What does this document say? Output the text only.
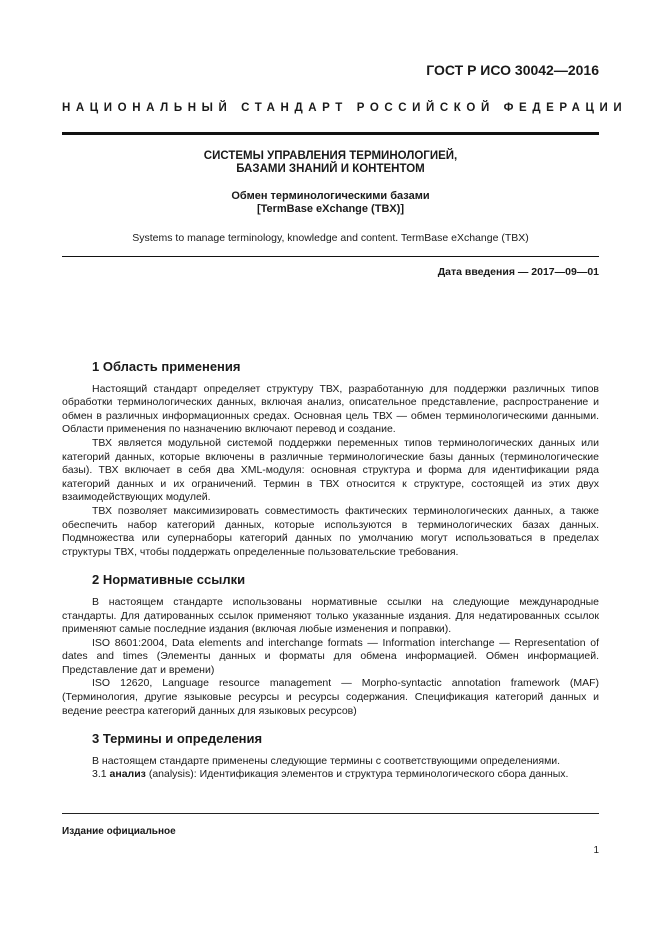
ГОСТ Р ИСО 30042—2016
НАЦИОНАЛЬНЫЙ СТАНДАРТ РОССИЙСКОЙ ФЕДЕРАЦИИ
СИСТЕМЫ УПРАВЛЕНИЯ ТЕРМИНОЛОГИЕЙ,
БАЗАМИ ЗНАНИЙ И КОНТЕНТОМ
Обмен терминологическими базами
[TermBase eXchange (TBX)]
Systems to manage terminology, knowledge and content. TermBase eXchange (TBX)
Дата введения — 2017—09—01
1 Область применения

Настоящий стандарт определяет структуру ТВХ, разработанную для поддержки различных типов обработки терминологических данных, включая анализ, описательное представление, распространение и обмен в различных информационных средах. Основная цель ТВХ — обмен терминологическими данными. Области применения по назначению включают перевод и создание.

ТВХ является модульной системой поддержки переменных типов терминологических данных или категорий данных, которые включены в различные терминологические базы данных (терминологические базы). ТВХ включает в себя два XML-модуля: основная структура и форма для идентификации ряда категорий данных и их ограничений. Термин в ТВХ относится к структуре, состоящей из этих двух взаимодействующих модулей.

ТВХ позволяет максимизировать совместимость фактических терминологических данных, а также обеспечить набор категорий данных, которые используются в терминологических базах данных. Подмножества или супернаборы категорий данных по умолчанию могут использоваться в пределах структуры ТВХ, чтобы поддержать определенные пользовательские требования.

2 Нормативные ссылки

В настоящем стандарте использованы нормативные ссылки на следующие международные стандарты. Для датированных ссылок применяют только указанные издания. Для недатированных ссылок применяют самые последние издания (включая любые изменения и поправки).

ISO 8601:2004, Data elements and interchange formats — Information interchange — Representation of dates and times (Элементы данных и форматы для обмена информацией. Обмен информацией. Представление дат и времени)

ISO 12620, Language resource management — Morpho-syntactic annotation framework (MAF) (Терминология, другие языковые ресурсы и ресурсы содержания. Спецификация категорий данных и ведение реестра категорий данных для языковых ресурсов)

3 Термины и определения

В настоящем стандарте применены следующие термины с соответствующими определениями.

3.1 анализ (analysis): Идентификация элементов и структура терминологического сбора данных.

Издание официальное
1
